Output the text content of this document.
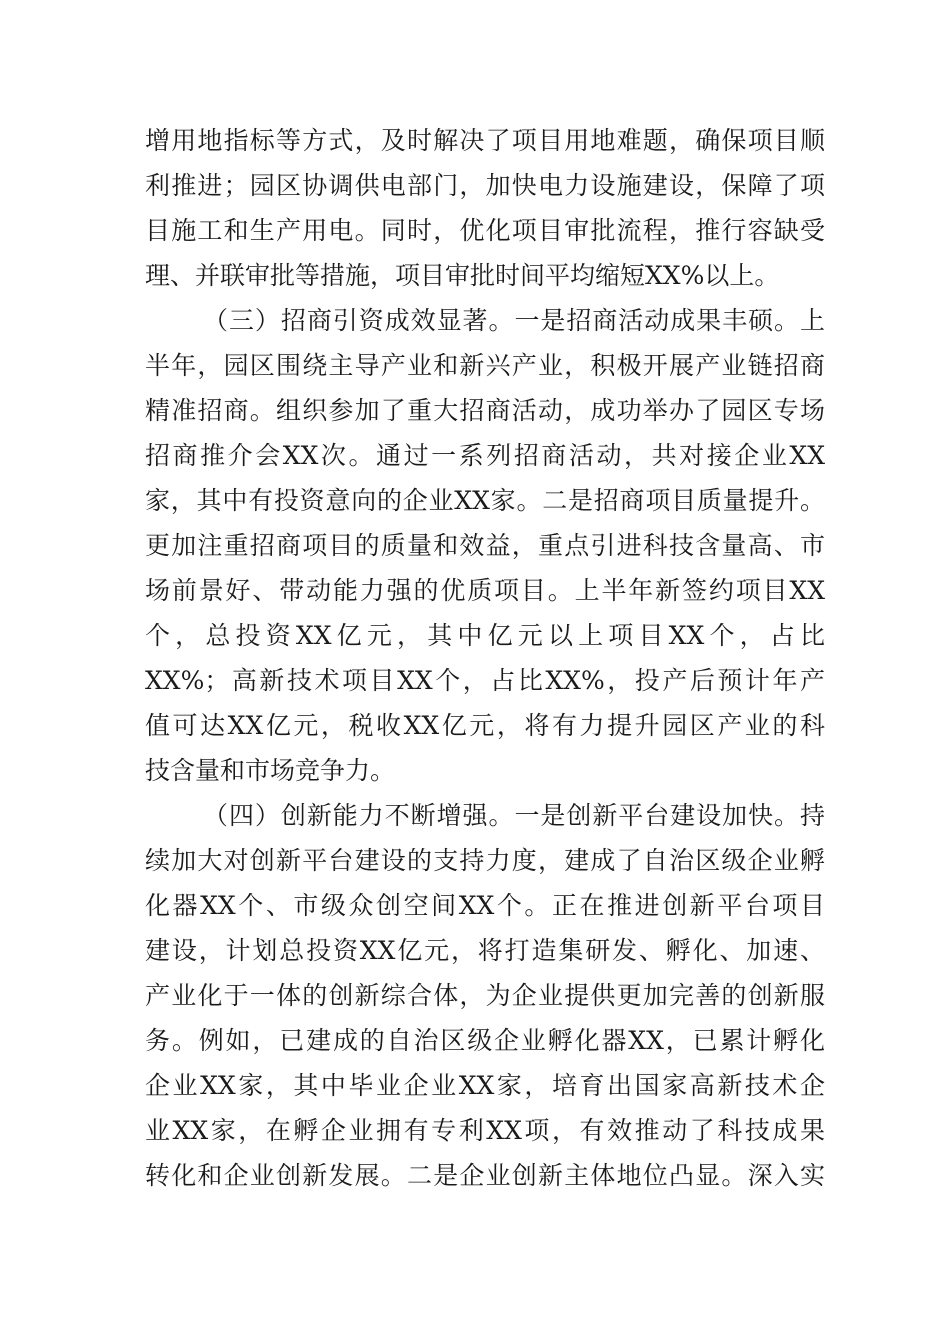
增用地指标等方式，及时解决了项目用地难题，确保项目顺
利推进；园区协调供电部门，加快电力设施建设，保障了项
目施工和生产用电。同时，优化项目审批流程，推行容缺受
理、并联审批等措施，项目审批时间平均缩短XX%以上。
（三）招商引资成效显著。一是招商活动成果丰硕。上
半年，园区围绕主导产业和新兴产业，积极开展产业链招商
精准招商。组织参加了重大招商活动，成功举办了园区专场
招商推介会XX次。通过一系列招商活动，共对接企业XX
家，其中有投资意向的企业XX家。二是招商项目质量提升。
更加注重招商项目的质量和效益，重点引进科技含量高、市
场前景好、带动能力强的优质项目。上半年新签约项目XX
个，总投资XX亿元，其中亿元以上项目XX个，占比
XX%；高新技术项目XX个，占比XX%，投产后预计年产
值可达XX亿元，税收XX亿元，将有力提升园区产业的科
技含量和市场竞争力。
（四）创新能力不断增强。一是创新平台建设加快。持
续加大对创新平台建设的支持力度，建成了自治区级企业孵
化器XX个、市级众创空间XX个。正在推进创新平台项目
建设，计划总投资XX亿元，将打造集研发、孵化、加速、
产业化于一体的创新综合体，为企业提供更加完善的创新服
务。例如，已建成的自治区级企业孵化器XX，已累计孵化
企业XX家，其中毕业企业XX家，培育出国家高新技术企
业XX家，在孵企业拥有专利XX项，有效推动了科技成果
转化和企业创新发展。二是企业创新主体地位凸显。深入实
